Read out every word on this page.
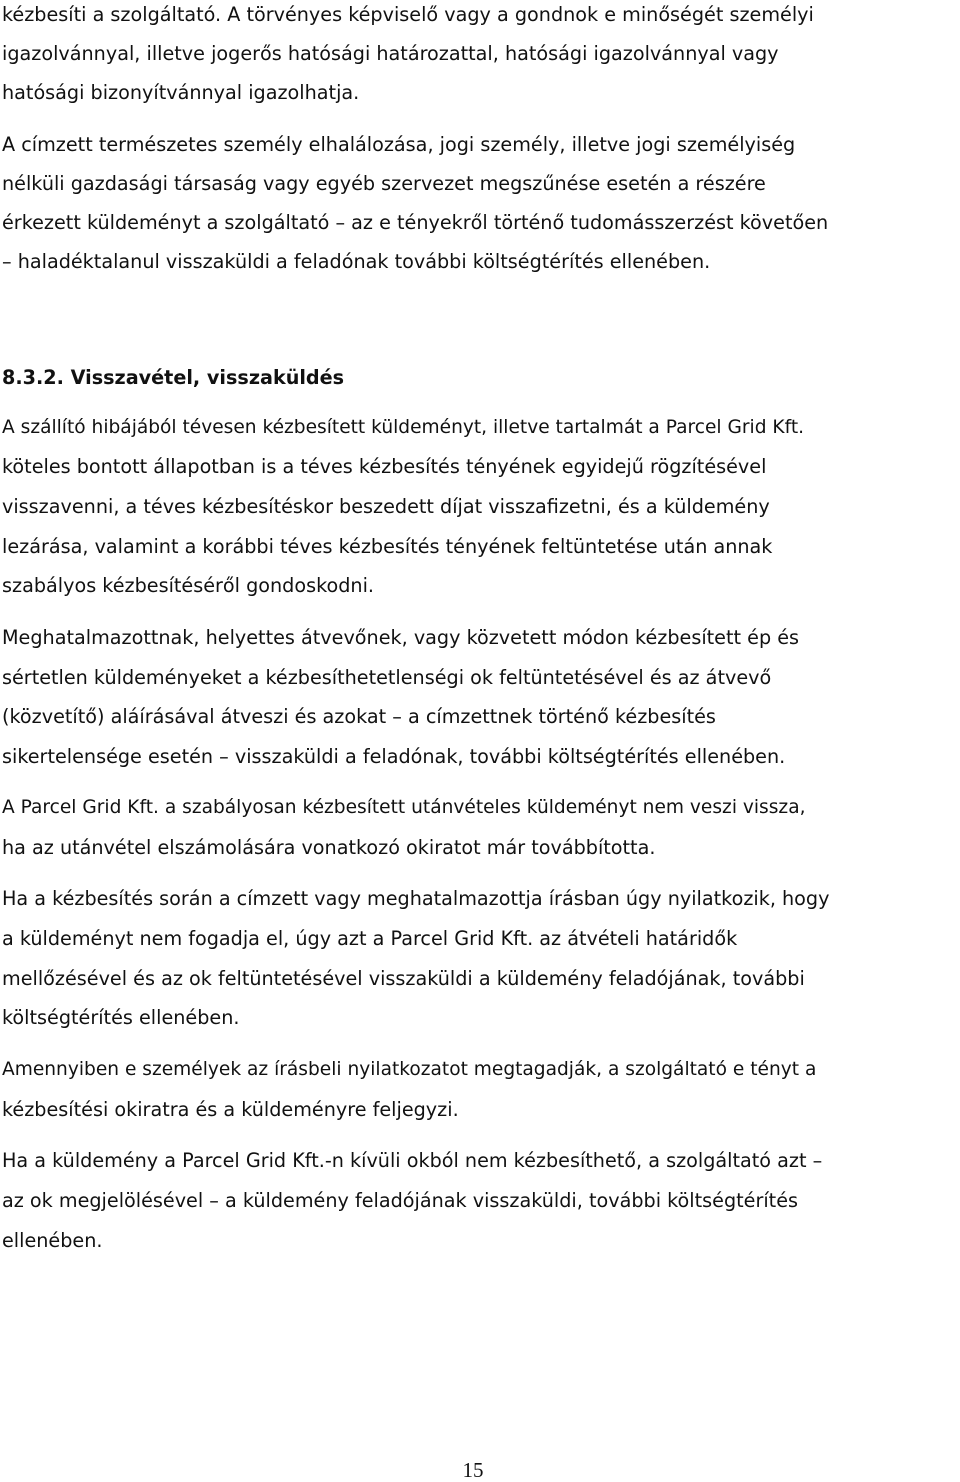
kézbesíti a szolgáltató. A törvényes képviselő vagy a gondnok e minőségét személyi

igazolvánnyal, illetve jogerős hatósági határozattal, hatósági igazolvánnyal vagy

hatósági bizonyítvánnyal igazolhatja.

A címzett természetes személy elhalálozása, jogi személy, illetve jogi személyiség

nélküli gazdasági társaság vagy egyéb szervezet megszűnése esetén a részére

érkezett küldeményt a szolgáltató – az e tényekről történő tudomásszerzést követően

– haladéktalanul visszaküldi a feladónak további költségtérítés ellenében.

8.3.2. Visszavétel, visszaküldés

A szállító hibájából tévesen kézbesített küldeményt, illetve tartalmát a Parcel Grid Kft.

köteles bontott állapotban is a téves kézbesítés tényének egyidejű rögzítésével

visszavenni, a téves kézbesítéskor beszedett díjat visszafizetni, és a küldemény

lezárása, valamint a korábbi téves kézbesítés tényének feltüntetése után annak

szabályos kézbesítéséről gondoskodni.

Meghatalmazottnak, helyettes átvevőnek, vagy közvetett módon kézbesített ép és

sértetlen küldeményeket a kézbesíthetetlenségi ok feltüntetésével és az átvevő

(közvetítő) aláírásával átveszi és azokat – a címzettnek történő kézbesítés

sikertelensége esetén – visszaküldi a feladónak, további költségtérítés ellenében.

A Parcel Grid Kft. a szabályosan kézbesített utánvételes küldeményt nem veszi vissza,

ha az utánvétel elszámolására vonatkozó okiratot már továbbította.

Ha a kézbesítés során a címzett vagy meghatalmazottja írásban úgy nyilatkozik, hogy

a küldeményt nem fogadja el, úgy azt a Parcel Grid Kft. az átvételi határidők

mellőzésével és az ok feltüntetésével visszaküldi a küldemény feladójának, további

költségtérítés ellenében.

Amennyiben e személyek az írásbeli nyilatkozatot megtagadják, a szolgáltató e tényt a

kézbesítési okiratra és a küldeményre feljegyzi.

Ha a küldemény a Parcel Grid Kft.-n kívüli okból nem kézbesíthető, a szolgáltató azt –

az ok megjelölésével – a küldemény feladójának visszaküldi, további költségtérítés

ellenében.

15
